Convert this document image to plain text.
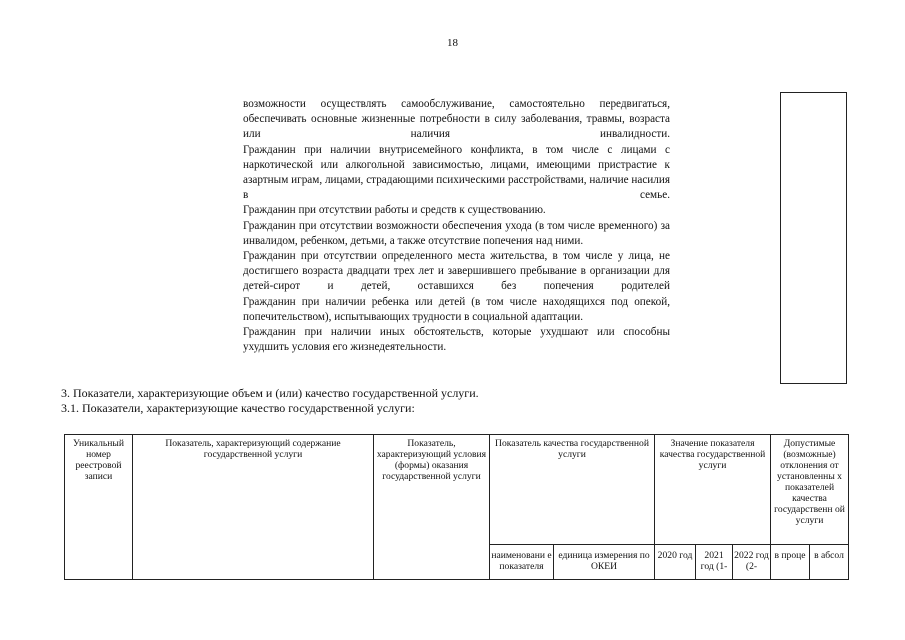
18

возможности осуществлять самообслуживание, самостоятельно передвигаться, обеспечивать основные жизненные потребности в силу заболевания, травмы, возраста или наличия инвалидности.

Гражданин при наличии внутрисемейного конфликта, в том числе с лицами с наркотической или алкогольной зависимостью, лицами, имеющими пристрастие к азартным играм, лицами, страдающими психическими расстройствами, наличие насилия в семье.

Гражданин при отсутствии работы и средств к существованию.

Гражданин при отсутствии возможности обеспечения ухода (в том числе временного) за инвалидом, ребенком, детьми, а также отсутствие попечения над ними.

Гражданин при отсутствии определенного места жительства, в том числе у лица, не достигшего возраста двадцати трех лет и завершившего пребывание в организации для детей-сирот и детей, оставшихся без попечения родителей

Гражданин при наличии ребенка или детей (в том числе находящихся под опекой, попечительством), испытывающих трудности в социальной адаптации.

Гражданин при наличии иных обстоятельств, которые ухудшают или способны ухудшить условия его жизнедеятельности.

3. Показатели, характеризующие объем и (или) качество государственной услуги.
3.1. Показатели, характеризующие качество государственной услуги:
Уникальный номер реестровой записи	Показатель, характеризующий содержание государственной услуги	Показатель, характеризующий условия (формы) оказания государственной услуги	Показатель качества государственной услуги		Значение показателя качества государственной услуги			Допустимые (возможные) отклонения от установленны х показателей качества государственн ой услуги	
			наименовани е показателя	единица измерения по ОКЕИ	2020 год	2021 год (1-	2022 год (2-	в проце	в абсол
